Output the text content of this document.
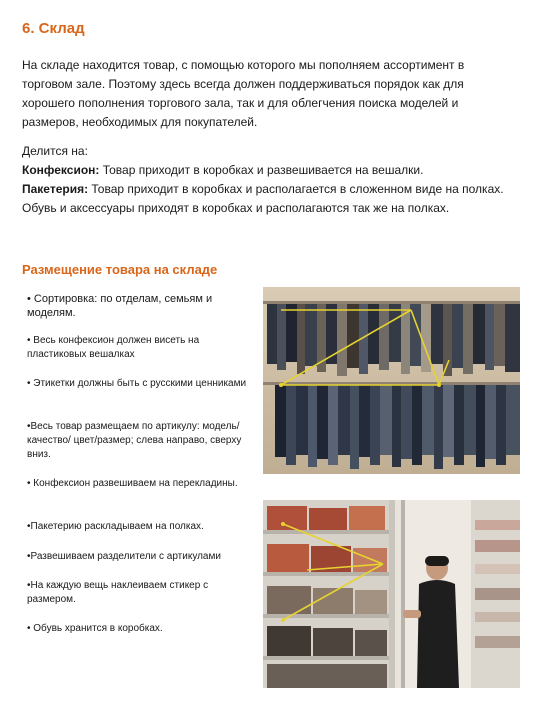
6. Склад
На складе находится товар, с помощью которого мы пополняем ассортимент в торговом зале. Поэтому здесь всегда должен поддерживаться порядок как для хорошего пополнения торгового зала, так и для облегчения поиска моделей и размеров, необходимых для покупателей.

Делится на:

Конфексион: Товар приходит в коробках и развешивается на вешалки.

Пакетерия: Товар приходит в коробках и располагается в сложенном виде на полках.

Обувь и аксессуары приходят в коробках и располагаются так же на полках.

Размещение товара на складе
• Сортировка: по отделам, семьям и моделям.
• Весь конфексион должен висеть на пластиковых вешалках
• Этикетки должны быть с русскими ценниками
•Весь товар размещаем по артикулу: модель/качество/ цвет/размер; слева направо, сверху вниз.
• Конфексион развешиваем на перекладины.
•Пакетерию раскладываем на полках.
•Развешиваем разделители с артикулами
•На каждую вещь наклеиваем стикер с размером.
• Обувь хранится в коробках.
